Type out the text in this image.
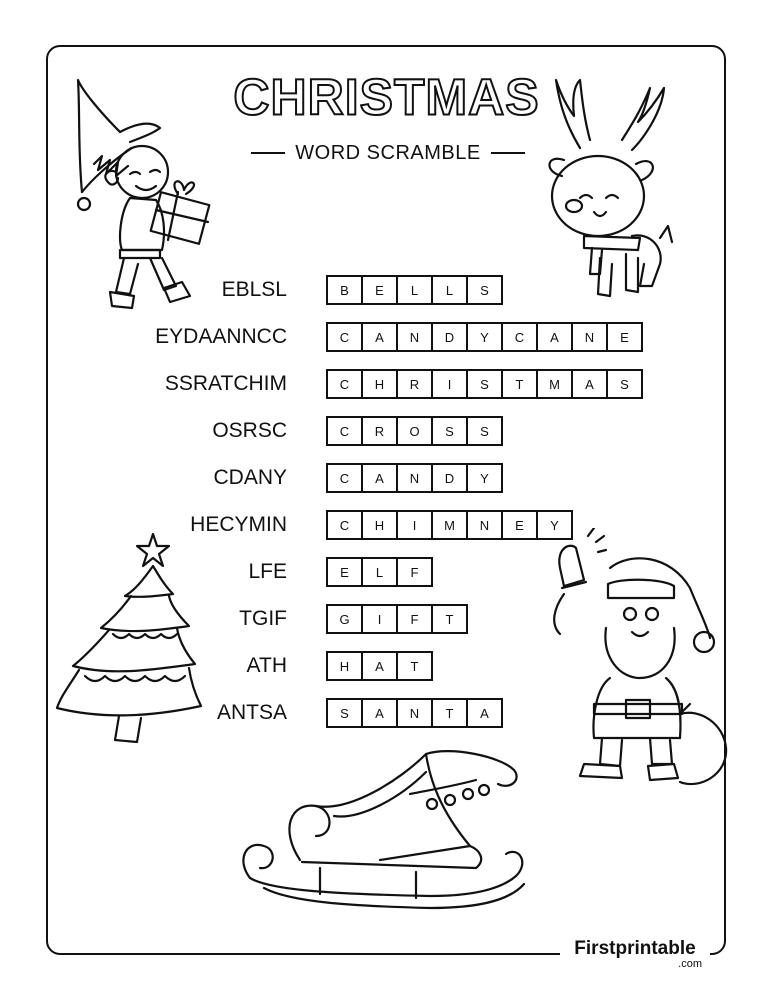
CHRISTMAS
WORD SCRAMBLE
EBLSL	B	E	L	L	S
EYDAANNCC	C	A	N	D	Y	C	A	N	E
SSRATCHIM	C	H	R	I	S	T	M	A	S
OSRSC	C	R	O	S	S
CDANY	C	A	N	D	Y
HECYMIN	C	H	I	M	N	E	Y
LFE	E	L	F
TGIF	G	I	F	T
ATH	H	A	T
ANTSA	S	A	N	T	A
Firstprintable
.com
